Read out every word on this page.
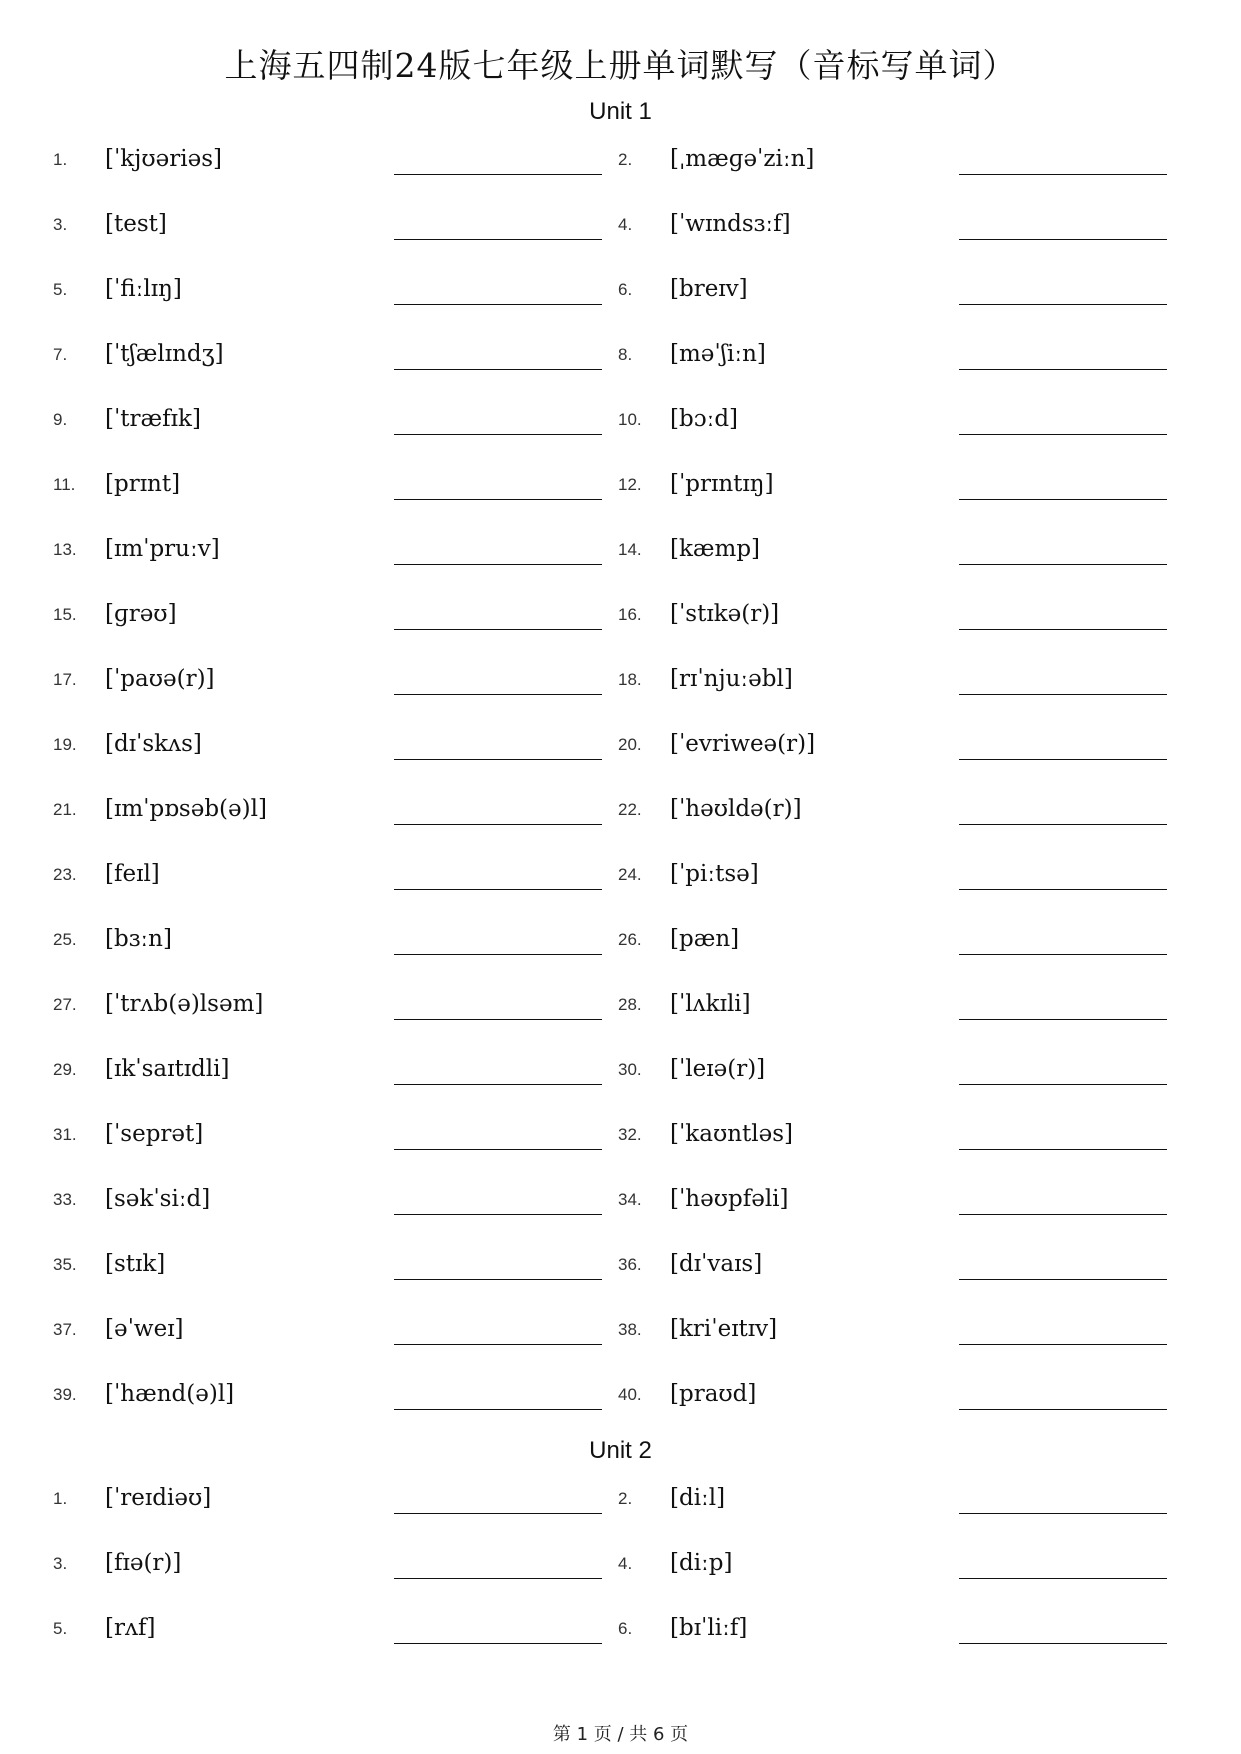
上海五四制24版七年级上册单词默写（音标写单词）
Unit 1
1. [ˈkjʊəriəs]	2. [ˌmæɡəˈziːn]
3. [test]	4. [ˈwɪndsɜːf]
5. [ˈfiːlɪŋ]	6. [breɪv]
7. [ˈtʃælɪndʒ]	8. [məˈʃiːn]
9. [ˈtræfɪk]	10. [bɔːd]
11. [prɪnt]	12. [ˈprɪntɪŋ]
13. [ɪmˈpruːv]	14. [kæmp]
15. [ɡrəʊ]	16. [ˈstɪkə(r)]
17. [ˈpaʊə(r)]	18. [rɪˈnjuːəbl]
19. [dɪˈskʌs]	20. [ˈevriweə(r)]
21. [ɪmˈpɒsəb(ə)l]	22. [ˈhəʊldə(r)]
23. [feɪl]	24. [ˈpiːtsə]
25. [bɜːn]	26. [pæn]
27. [ˈtrʌb(ə)lsəm]	28. [ˈlʌkɪli]
29. [ɪkˈsaɪtɪdli]	30. [ˈleɪə(r)]
31. [ˈseprət]	32. [ˈkaʊntləs]
33. [səkˈsiːd]	34. [ˈhəʊpfəli]
35. [stɪk]	36. [dɪˈvaɪs]
37. [əˈweɪ]	38. [kriˈeɪtɪv]
39. [ˈhænd(ə)l]	40. [praʊd]
Unit 2
1. [ˈreɪdiəʊ]	2. [diːl]
3. [fɪə(r)]	4. [diːp]
5. [rʌf]	6. [bɪˈliːf]
第 1 页 / 共 6 页
